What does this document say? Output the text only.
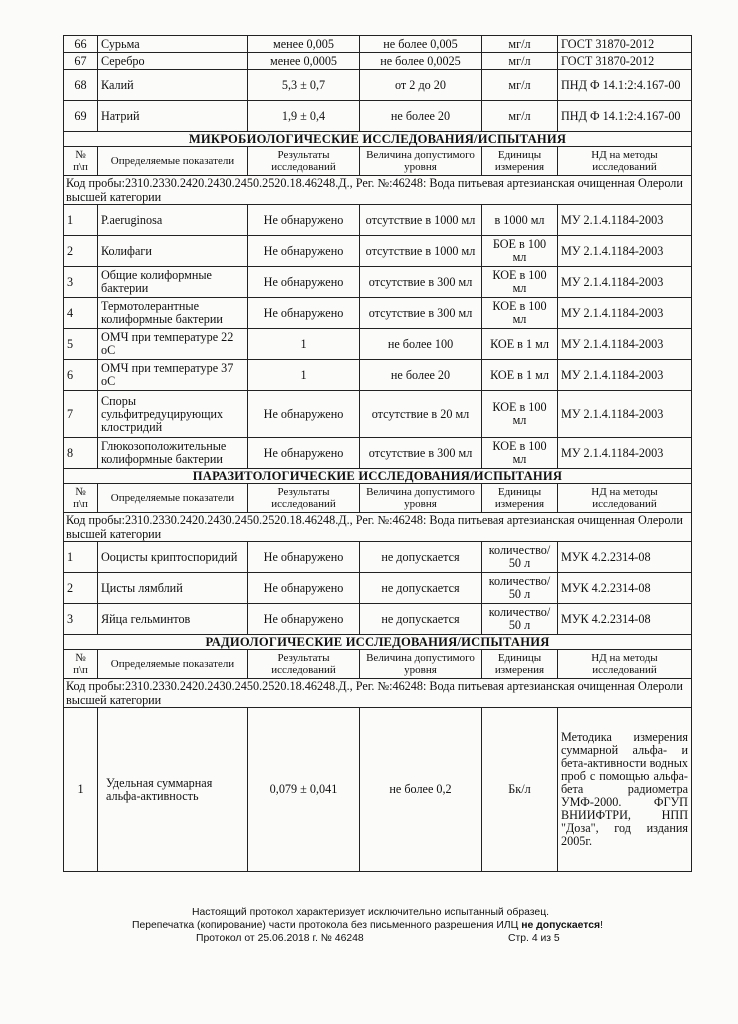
66	Сурьма	менее 0,005	не более 0,005	мг/л	ГОСТ 31870-2012
67	Серебро	менее 0,0005	не более 0,0025	мг/л	ГОСТ 31870-2012
68	Калий	5,3 ± 0,7	от 2 до 20	мг/л	ПНД Ф 14.1:2:4.167-00
69	Натрий	1,9 ± 0,4	не более 20	мг/л	ПНД Ф 14.1:2:4.167-00
МИКРОБИОЛОГИЧЕСКИЕ ИССЛЕДОВАНИЯ/ИСПЫТАНИЯ					
№ п\п	Определяемые показатели	Результаты исследований	Величина допустимого уровня	Единицы измерения	НД на методы исследований
Код пробы:2310.2330.2420.2430.2450.2520.18.46248.Д., Рег. №:46248: Вода питьевая артезианская очищенная Олероли высшей категории					
1	P.aeruginosa	Не обнаружено	отсутствие в 1000 мл	в 1000 мл	МУ 2.1.4.1184-2003
2	Колифаги	Не обнаружено	отсутствие в 1000 мл	БОЕ в 100 мл	МУ 2.1.4.1184-2003
3	Общие колиформные бактерии	Не обнаружено	отсутствие в 300 мл	КОЕ в 100 мл	МУ 2.1.4.1184-2003
4	Термотолерантные колиформные бактерии	Не обнаружено	отсутствие в 300 мл	КОЕ в 100 мл	МУ 2.1.4.1184-2003
5	ОМЧ при температуре 22 оС	1	не более 100	КОЕ в 1 мл	МУ 2.1.4.1184-2003
6	ОМЧ при температуре 37 оС	1	не более 20	КОЕ в 1 мл	МУ 2.1.4.1184-2003
7	Споры сульфитредуцирующих клостридий	Не обнаружено	отсутствие в 20 мл	КОЕ в 100 мл	МУ 2.1.4.1184-2003
8	Глюкозоположительные колиформные бактерии	Не обнаружено	отсутствие в 300 мл	КОЕ в 100 мл	МУ 2.1.4.1184-2003
ПАРАЗИТОЛОГИЧЕСКИЕ ИССЛЕДОВАНИЯ/ИСПЫТАНИЯ					
№ п\п	Определяемые показатели	Результаты исследований	Величина допустимого уровня	Единицы измерения	НД на методы исследований
Код пробы:2310.2330.2420.2430.2450.2520.18.46248.Д., Рег. №:46248: Вода питьевая артезианская очищенная Олероли высшей категории					
1	Ооцисты криптоспоридий	Не обнаружено	не допускается	количество/ 50 л	МУК 4.2.2314-08
2	Цисты лямблий	Не обнаружено	не допускается	количество/ 50 л	МУК 4.2.2314-08
3	Яйца гельминтов	Не обнаружено	не допускается	количество/ 50 л	МУК 4.2.2314-08
РАДИОЛОГИЧЕСКИЕ ИССЛЕДОВАНИЯ/ИСПЫТАНИЯ					
№ п\п	Определяемые показатели	Результаты исследований	Величина допустимого уровня	Единицы измерения	НД на методы исследований
Код пробы:2310.2330.2420.2430.2450.2520.18.46248.Д., Рег. №:46248: Вода питьевая артезианская очищенная Олероли высшей категории					
1	Удельная суммарная альфа-активность	0,079 ± 0,041	не более 0,2	Бк/л	Методика измерения суммарной альфа- и бета-активности водных проб с помощью альфа-бета радиометра УМФ-2000. ФГУП ВНИИФТРИ, НПП "Доза", год издания 2005г.
Настоящий протокол характеризует исключительно испытанный образец.
Перепечатка (копирование) части протокола без письменного разрешения ИЛЦ не допускается!
Протокол от 25.06.2018 г. № 46248	Стр. 4 из 5
